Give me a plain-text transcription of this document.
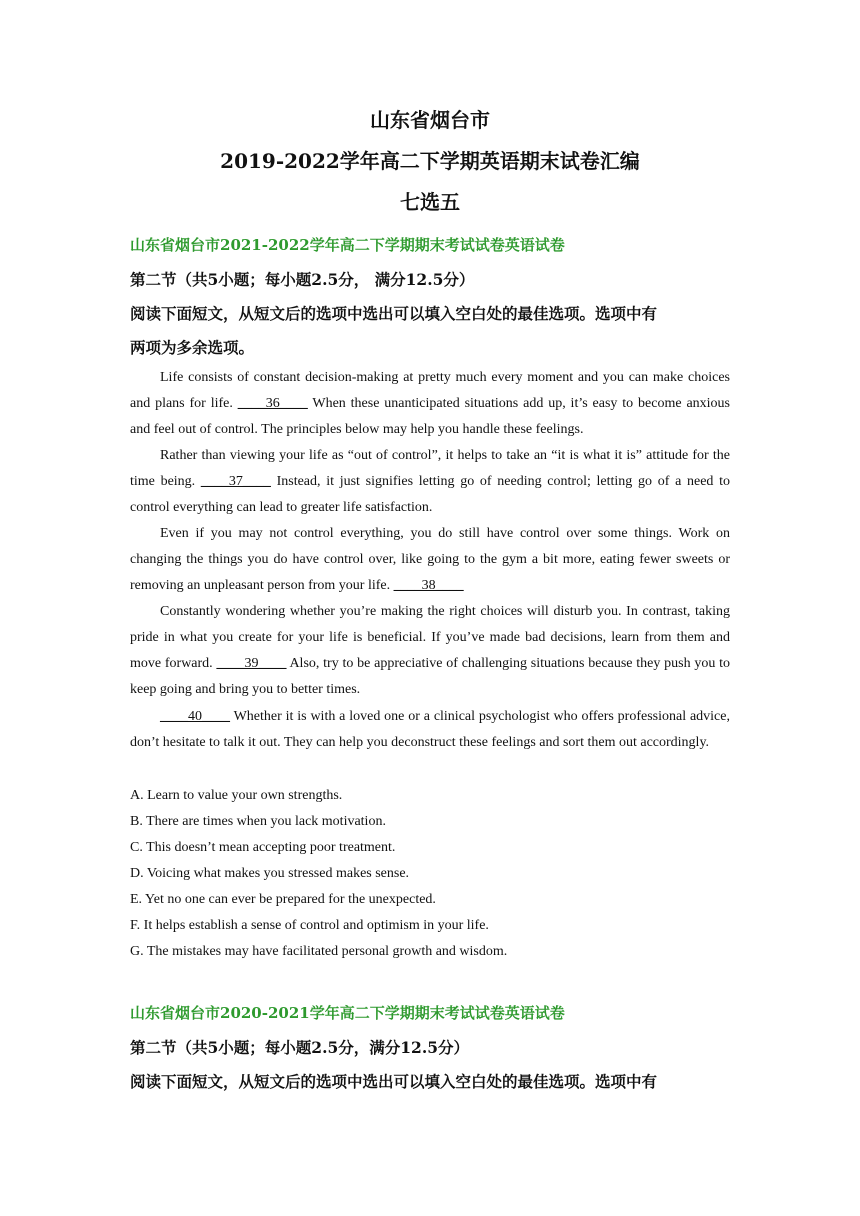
山东省烟台市
2019-2022学年高二下学期英语期末试卷汇编
七选五
山东省烟台市2021-2022学年高二下学期期末考试试卷英语试卷
第二节（共5小题；每小题2.5分， 满分12.5分）
阅读下面短文，从短文后的选项中选出可以填入空白处的最佳选项。选项中有
两项为多余选项。

Life consists of constant decision-making at pretty much every moment and you can make choices and plans for life. ____36____ When these unanticipated situations add up, it’s easy to become anxious and feel out of control. The principles below may help you handle these feelings.

Rather than viewing your life as “out of control”, it helps to take an “it is what it is” attitude for the time being. ____37____ Instead, it just signifies letting go of needing control; letting go of a need to control everything can lead to greater life satisfaction.

Even if you may not control everything, you do still have control over some things. Work on changing the things you do have control over, like going to the gym a bit more, eating fewer sweets or removing an unpleasant person from your life. ____38____

Constantly wondering whether you’re making the right choices will disturb you. In contrast, taking pride in what you create for your life is beneficial. If you’ve made bad decisions, learn from them and move forward. ____39____ Also, try to be appreciative of challenging situations because they push you to keep going and bring you to better times.

____40____ Whether it is with a loved one or a clinical psychologist who offers professional advice, don’t hesitate to talk it out. They can help you deconstruct these feelings and sort them out accordingly.

A. Learn to value your own strengths.
B. There are times when you lack motivation.
C. This doesn’t mean accepting poor treatment.
D. Voicing what makes you stressed makes sense.
E. Yet no one can ever be prepared for the unexpected.
F. It helps establish a sense of control and optimism in your life.
G. The mistakes may have facilitated personal growth and wisdom.
山东省烟台市2020-2021学年高二下学期期末考试试卷英语试卷
第二节（共5小题；每小题2.5分，满分12.5分）
阅读下面短文，从短文后的选项中选出可以填入空白处的最佳选项。选项中有
